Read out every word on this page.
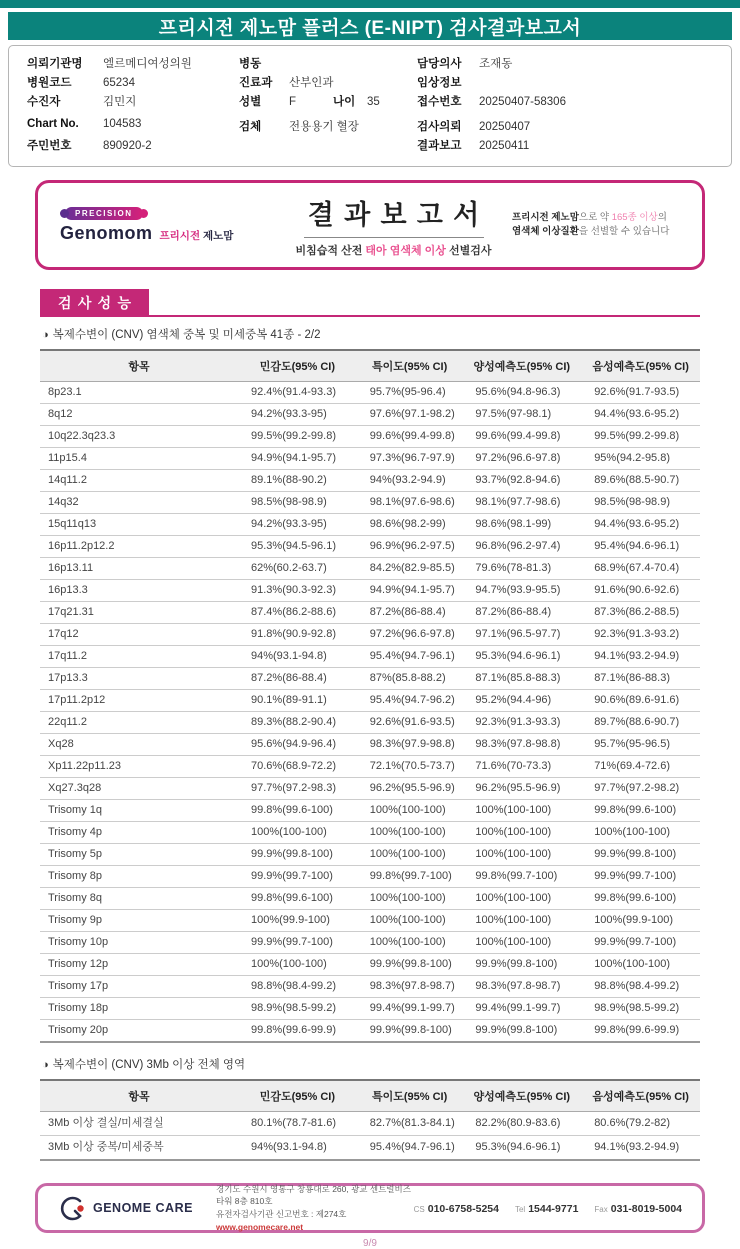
프리시전 제노맘 플러스 (E-NIPT) 검사결과보고서
의뢰기관명	엘르메디여성의원
병원코드	65234
수진자	김민지
Chart No.	104583
주민번호	890920-2
병동
진료과	산부인과
성별	F	나이	35
검체	전용용기 혈장
담당의사	조재동
임상정보
접수번호	20250407-58306
검사의뢰	20250407
결과보고	20250411
PRECISION
Genomom 프리시전 제노맘
결과보고서
비침습적 산전 태아 염색체 이상 선별검사
프리시전 제노맘으로 약 165종 이상의
염색체 이상질환을 선별할 수 있습니다
검사성능
◑ 복제수변이 (CNV) 염색체 중복 및 미세중복 41종 - 2/2
항목	민감도(95% CI)	특이도(95% CI)	양성예측도(95% CI)	음성예측도(95% CI)
8p23.1	92.4%(91.4-93.3)	95.7%(95-96.4)	95.6%(94.8-96.3)	92.6%(91.7-93.5)
8q12	94.2%(93.3-95)	97.6%(97.1-98.2)	97.5%(97-98.1)	94.4%(93.6-95.2)
10q22.3q23.3	99.5%(99.2-99.8)	99.6%(99.4-99.8)	99.6%(99.4-99.8)	99.5%(99.2-99.8)
11p15.4	94.9%(94.1-95.7)	97.3%(96.7-97.9)	97.2%(96.6-97.8)	95%(94.2-95.8)
14q11.2	89.1%(88-90.2)	94%(93.2-94.9)	93.7%(92.8-94.6)	89.6%(88.5-90.7)
14q32	98.5%(98-98.9)	98.1%(97.6-98.6)	98.1%(97.7-98.6)	98.5%(98-98.9)
15q11q13	94.2%(93.3-95)	98.6%(98.2-99)	98.6%(98.1-99)	94.4%(93.6-95.2)
16p11.2p12.2	95.3%(94.5-96.1)	96.9%(96.2-97.5)	96.8%(96.2-97.4)	95.4%(94.6-96.1)
16p13.11	62%(60.2-63.7)	84.2%(82.9-85.5)	79.6%(78-81.3)	68.9%(67.4-70.4)
16p13.3	91.3%(90.3-92.3)	94.9%(94.1-95.7)	94.7%(93.9-95.5)	91.6%(90.6-92.6)
17q21.31	87.4%(86.2-88.6)	87.2%(86-88.4)	87.2%(86-88.4)	87.3%(86.2-88.5)
17q12	91.8%(90.9-92.8)	97.2%(96.6-97.8)	97.1%(96.5-97.7)	92.3%(91.3-93.2)
17q11.2	94%(93.1-94.8)	95.4%(94.7-96.1)	95.3%(94.6-96.1)	94.1%(93.2-94.9)
17p13.3	87.2%(86-88.4)	87%(85.8-88.2)	87.1%(85.8-88.3)	87.1%(86-88.3)
17p11.2p12	90.1%(89-91.1)	95.4%(94.7-96.2)	95.2%(94.4-96)	90.6%(89.6-91.6)
22q11.2	89.3%(88.2-90.4)	92.6%(91.6-93.5)	92.3%(91.3-93.3)	89.7%(88.6-90.7)
Xq28	95.6%(94.9-96.4)	98.3%(97.9-98.8)	98.3%(97.8-98.8)	95.7%(95-96.5)
Xp11.22p11.23	70.6%(68.9-72.2)	72.1%(70.5-73.7)	71.6%(70-73.3)	71%(69.4-72.6)
Xq27.3q28	97.7%(97.2-98.3)	96.2%(95.5-96.9)	96.2%(95.5-96.9)	97.7%(97.2-98.2)
Trisomy 1q	99.8%(99.6-100)	100%(100-100)	100%(100-100)	99.8%(99.6-100)
Trisomy 4p	100%(100-100)	100%(100-100)	100%(100-100)	100%(100-100)
Trisomy 5p	99.9%(99.8-100)	100%(100-100)	100%(100-100)	99.9%(99.8-100)
Trisomy 8p	99.9%(99.7-100)	99.8%(99.7-100)	99.8%(99.7-100)	99.9%(99.7-100)
Trisomy 8q	99.8%(99.6-100)	100%(100-100)	100%(100-100)	99.8%(99.6-100)
Trisomy 9p	100%(99.9-100)	100%(100-100)	100%(100-100)	100%(99.9-100)
Trisomy 10p	99.9%(99.7-100)	100%(100-100)	100%(100-100)	99.9%(99.7-100)
Trisomy 12p	100%(100-100)	99.9%(99.8-100)	99.9%(99.8-100)	100%(100-100)
Trisomy 17p	98.8%(98.4-99.2)	98.3%(97.8-98.7)	98.3%(97.8-98.7)	98.8%(98.4-99.2)
Trisomy 18p	98.9%(98.5-99.2)	99.4%(99.1-99.7)	99.4%(99.1-99.7)	98.9%(98.5-99.2)
Trisomy 20p	99.8%(99.6-99.9)	99.9%(99.8-100)	99.9%(99.8-100)	99.8%(99.6-99.9)
◑ 복제수변이 (CNV) 3Mb 이상 전체 영역
항목	민감도(95% CI)	특이도(95% CI)	양성예측도(95% CI)	음성예측도(95% CI)
3Mb 이상 결실/미세결실	80.1%(78.7-81.6)	82.7%(81.3-84.1)	82.2%(80.9-83.6)	80.6%(79.2-82)
3Mb 이상 중복/미세중복	94%(93.1-94.8)	95.4%(94.7-96.1)	95.3%(94.6-96.1)	94.1%(93.2-94.9)
GENOME CARE
경기도 수원시 영통구 창룡대로 260, 광교 센트럴비즈타워 8층 810호
유전자검사기관 신고번호 : 제274호
www.genomecare.net
CS 010-6758-5254 Tel 1544-9771 Fax 031-8019-5004
9/9
